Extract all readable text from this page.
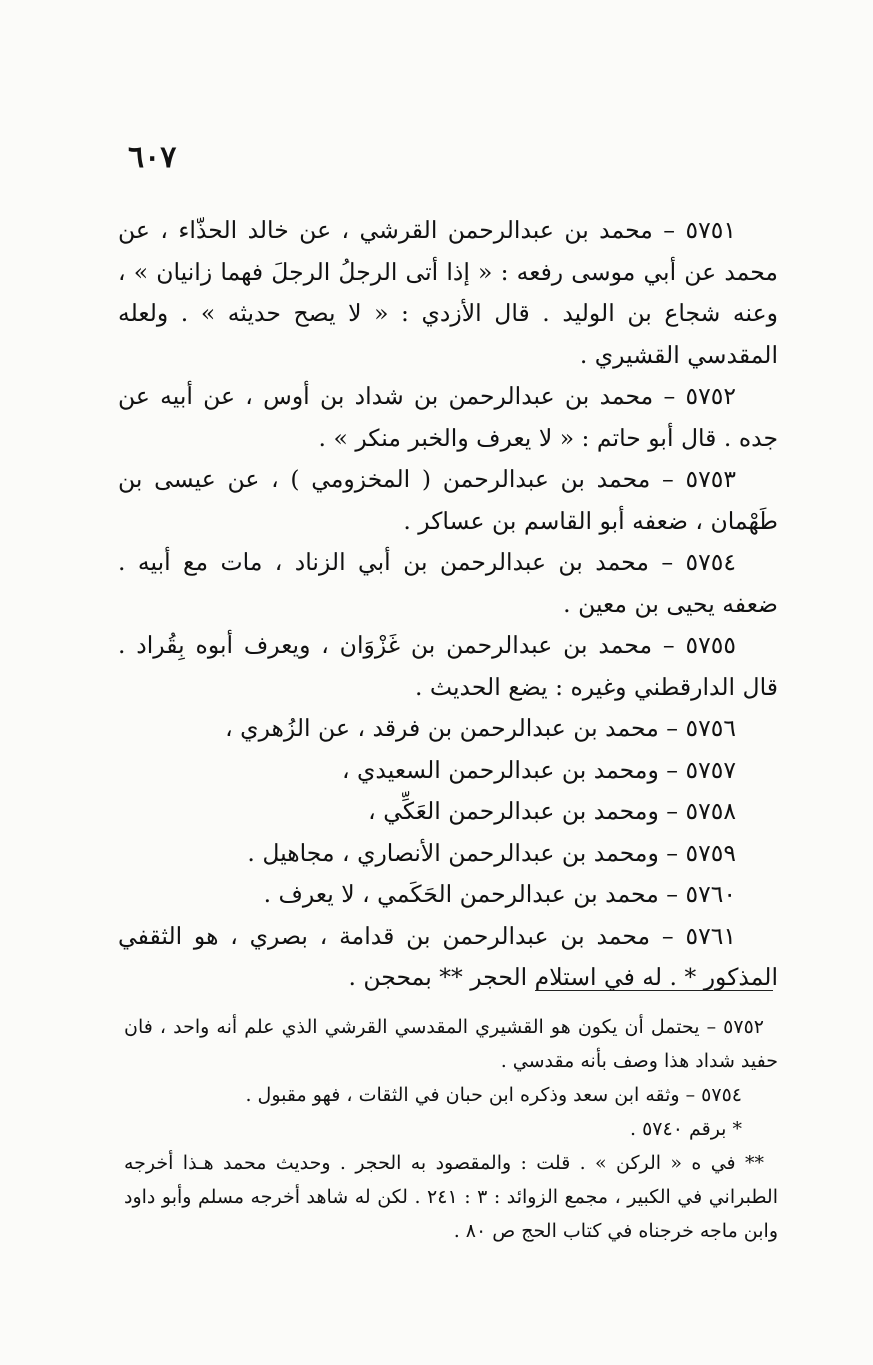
٦٠٧

٥٧٥١ – محمد بن عبدالرحمن القرشي ، عن خالد الحذّاء ، عن محمد عن أبي موسى رفعه : « إذا أتى الرجلُ الرجلَ فهما زانيان » ، وعنه شجاع بن الوليد . قال الأزدي : « لا يصح حديثه » . ولعله المقدسي القشيري .

٥٧٥٢ – محمد بن عبدالرحمن بن شداد بن أوس ، عن أبيه عن جده . قال أبو حاتم : « لا يعرف والخبر منكر » .

٥٧٥٣ – محمد بن عبدالرحمن ( المخزومي ) ، عن عيسى بن طَهْمان ، ضعفه أبو القاسم بن عساكر .

٥٧٥٤ – محمد بن عبدالرحمن بن أبي الزناد ، مات مع أبيه . ضعفه يحيى بن معين .

٥٧٥٥ – محمد بن عبدالرحمن بن غَزْوَان ، ويعرف أبوه بِقُراد . قال الدارقطني وغيره : يضع الحديث .

٥٧٥٦ – محمد بن عبدالرحمن بن فرقد ، عن الزُهري ،

٥٧٥٧ – ومحمد بن عبدالرحمن السعيدي ،

٥٧٥٨ – ومحمد بن عبدالرحمن العَكِّي ،

٥٧٥٩ – ومحمد بن عبدالرحمن الأنصاري ، مجاهيل .

٥٧٦٠ – محمد بن عبدالرحمن الحَكَمي ، لا يعرف .

٥٧٦١ – محمد بن عبدالرحمن بن قدامة ، بصري ، هو الثقفي المذكور * . له في استلام الحجر ** بمحجن .

٥٧٥٢ – يحتمل أن يكون هو القشيري المقدسي القرشي الذي علم أنه واحد ، فان حفيد شداد هذا وصف بأنه مقدسي .

٥٧٥٤ – وثقه ابن سعد وذكره ابن حبان في الثقات ، فهو مقبول .

* برقم ٥٧٤٠ .

** في ه « الركن » . قلت : والمقصود به الحجر . وحديث محمد هـذا أخرجه الطبراني في الكبير ، مجمع الزوائد : ٣ : ٢٤١ . لكن له شاهد أخرجه مسلم وأبو داود وابن ماجه خرجناه في كتاب الحج ص ٨٠ .
